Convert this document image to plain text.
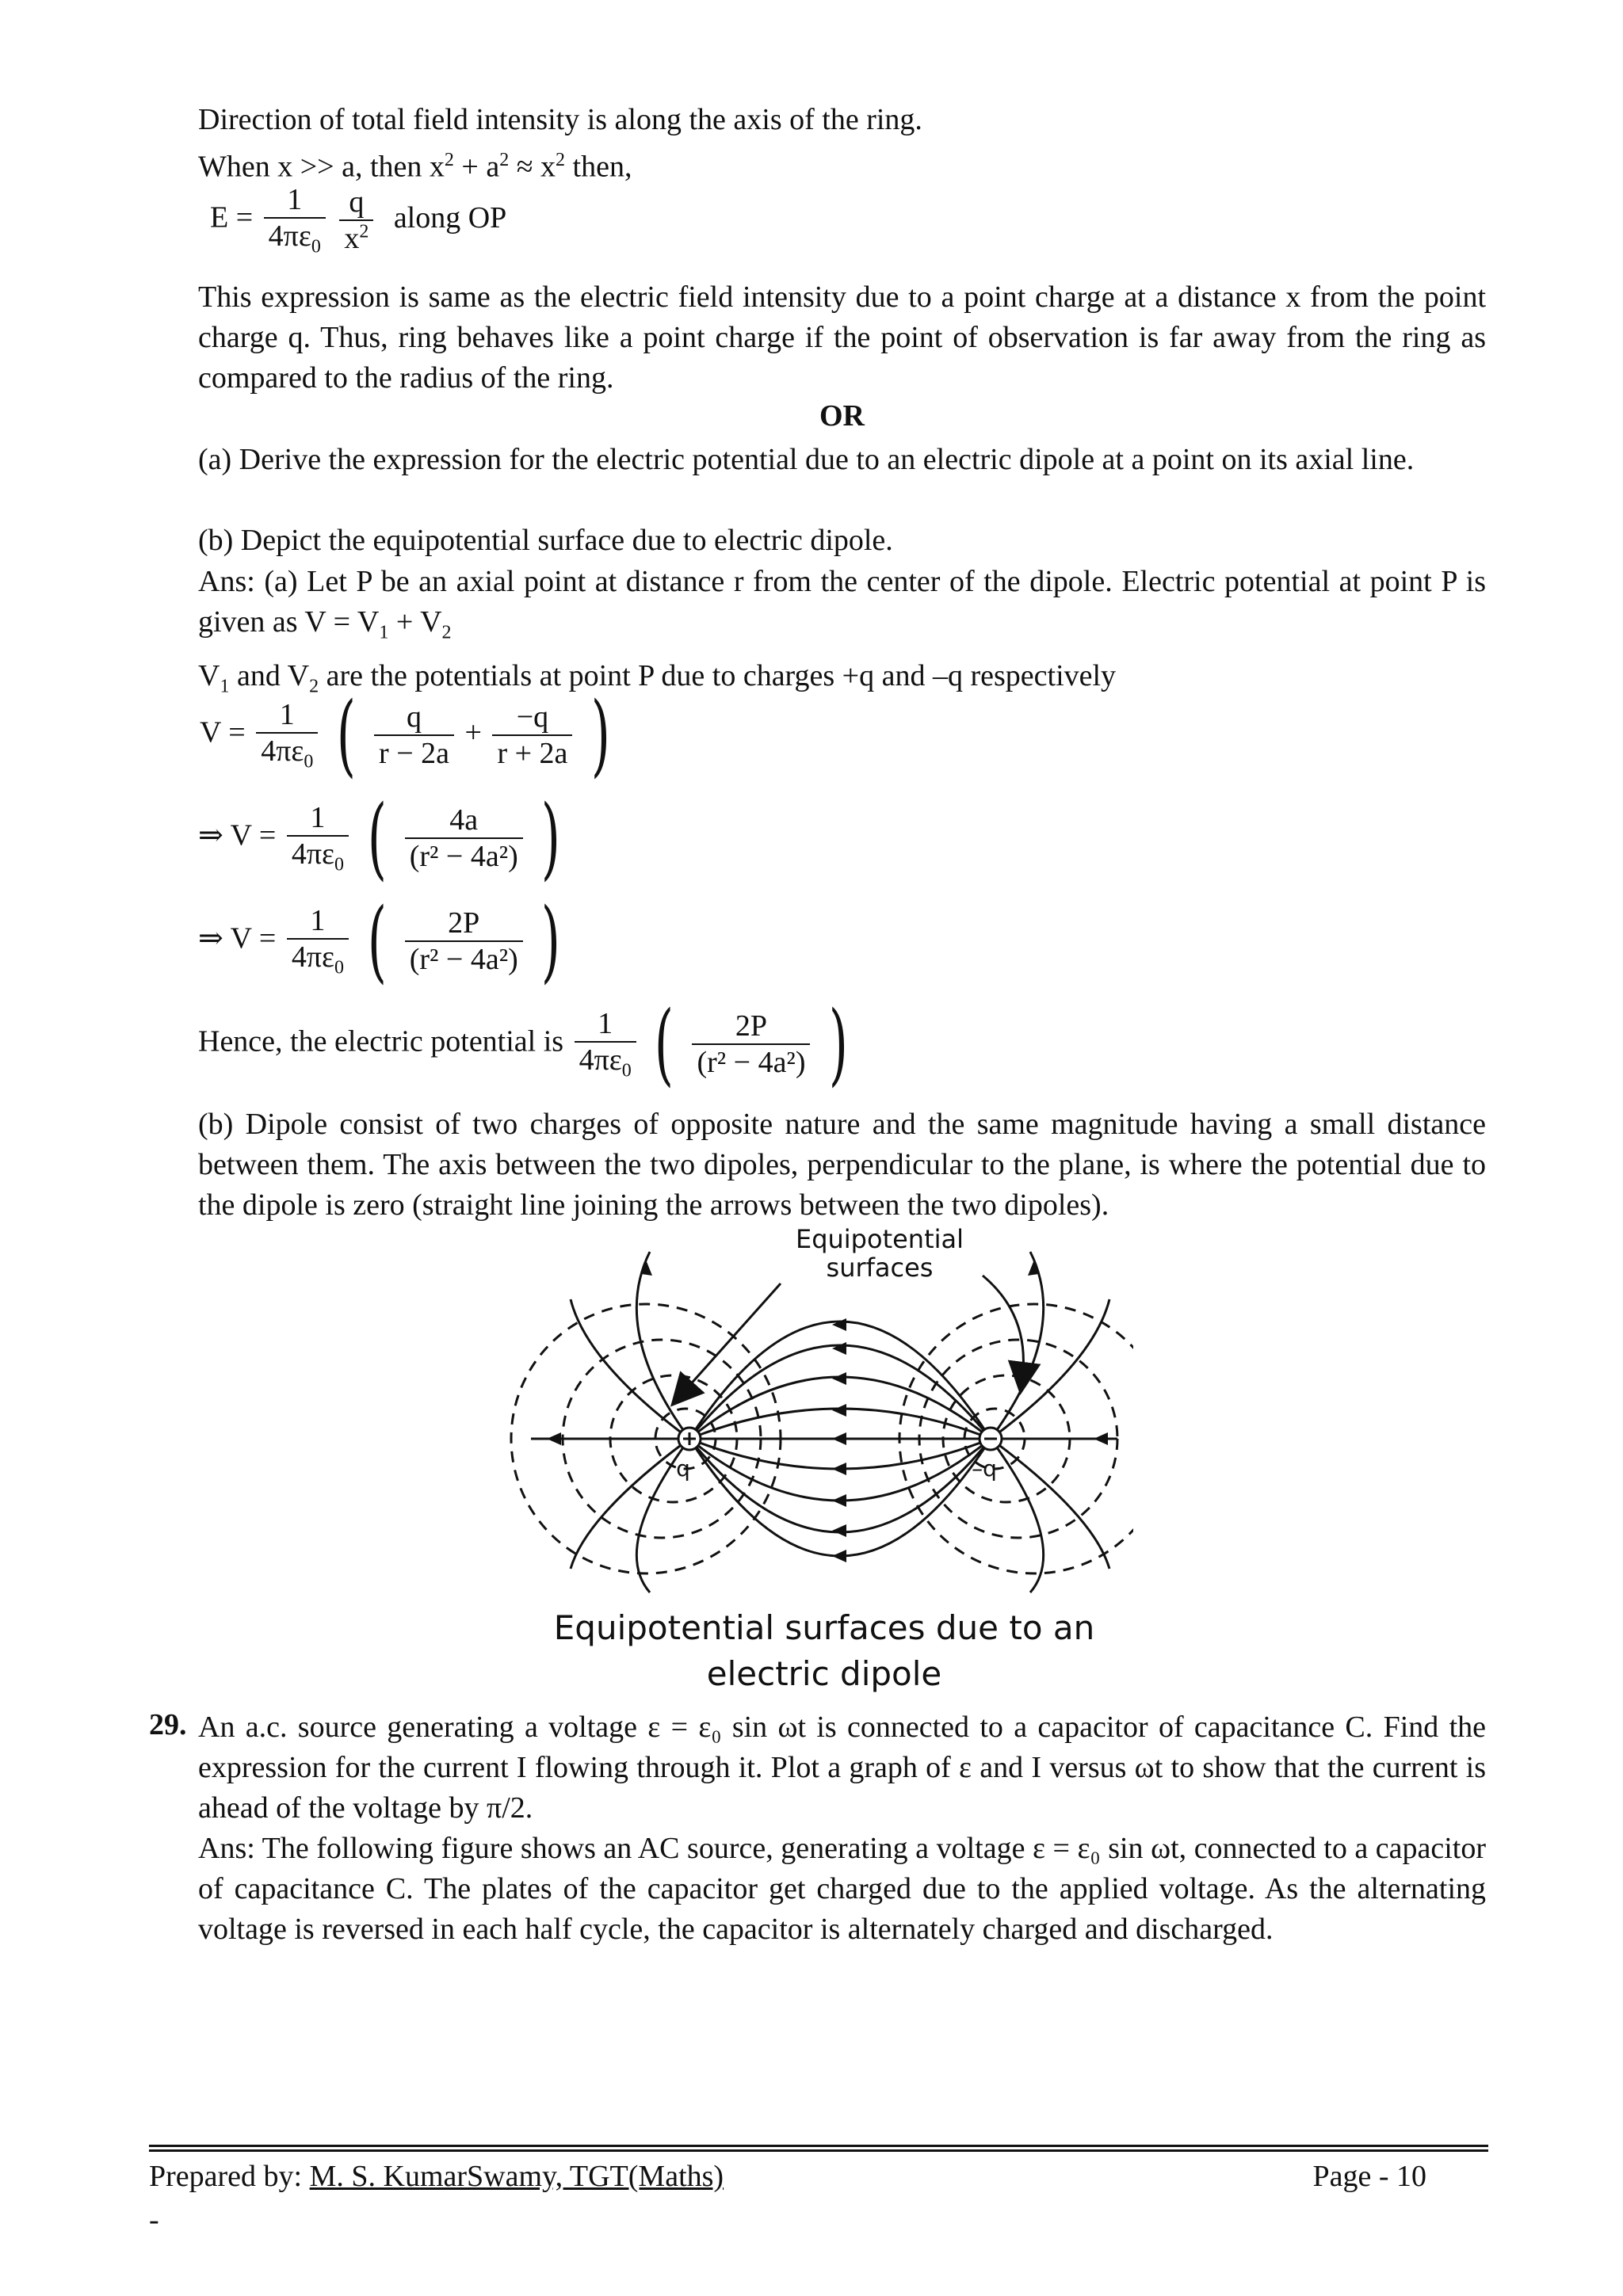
Direction of total field intensity is along the axis of the ring.

When x >> a, then $x^2 + a^2 \approx x^2$ then,

$E = \frac{1}{4\pi\varepsilon_0}$
$\frac{q}{x^2}$ along OP

This expression is same as the electric field intensity due to a point charge at a distance x from the point charge q. Thus, ring behaves like a point charge if the point of observation is far away from the ring as compared to the radius of the ring.

OR

(a) Derive the expression for the electric potential due to an electric dipole at a point on its axial line.

(b) Depict the equipotential surface due to electric dipole.

Ans: (a) Let P be an axial point at distance r from the center of the dipole. Electric potential at point P is given as $V = V_1 + V_2$

$V_1$ and $V_2$ are the potentials at point P due to charges +q and –q respectively

$V = \frac{1}{4\pi\varepsilon_0}$ ( $\frac{q}{r - 2a} + \frac{-q}{r + 2a}$ )
⇒ $V = \frac{1}{4\pi\varepsilon_0}$ ( $\frac{4a}{\text{(r² − 4a²)}}$ )
⇒ $V = \frac{1}{4\pi\varepsilon_0}$ ( $\frac{2P}{\text{(r² − 4a²)}}$ )
Hence, the electric potential is $\frac{1}{4\pi\varepsilon_0}$ ( $\frac{2P}{\text{(r² − 4a²)}}$ )

(b) Dipole consist of two charges of opposite nature and the same magnitude having a small distance between them. The axis between the two dipoles, perpendicular to the plane, is where the potential due to the dipole is zero (straight line joining the arrows between the two dipoles).

Equipotential surfaces
q	–q
Equipotential surfaces due to an electric dipole
29. An a.c. source generating a voltage ε = ε₀ sin ωt is connected to a capacitor of capacitance C. Find the expression for the current I flowing through it. Plot a graph of ε and I versus ωt to show that the current is ahead of the voltage by π/2.

Ans: The following figure shows an AC source, generating a voltage ε = ε₀ sin ωt, connected to a capacitor of capacitance C. The plates of the capacitor get charged due to the applied voltage. As the alternating voltage is reversed in each half cycle, the capacitor is alternately charged and discharged.

Prepared by: M. S. KumarSwamy, TGT(Maths)	Page - 10
-
